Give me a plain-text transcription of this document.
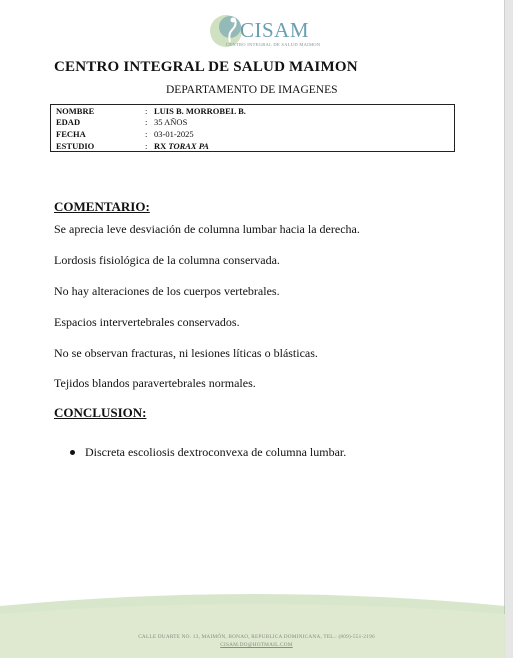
CISAM
CENTRO INTEGRAL DE SALUD MAIMON
CENTRO INTEGRAL DE SALUD MAIMON
DEPARTAMENTO DE IMAGENES
NOMBRE	: LUIS B. MORROBEL B.
EDAD	: 35 AÑOS
FECHA	: 03-01-2025
ESTUDIO	: RX TORAX PA
COMENTARIO:
Se aprecia leve desviación de columna lumbar hacia la derecha.
Lordosis fisiológica de la columna conservada.
No hay alteraciones de los cuerpos vertebrales.
Espacios intervertebrales conservados.
No se observan fracturas, ni lesiones líticas o blásticas.
Tejidos blandos paravertebrales normales.
CONCLUSION:
Discreta escoliosis dextroconvexa de columna lumbar.
CALLE DUARTE NO. 13, MAIMÓN, BONAO, REPUBLICA DOMINICANA, TEL.: (809)-551-2196
CISAM.DO@HOTMAIL.COM
